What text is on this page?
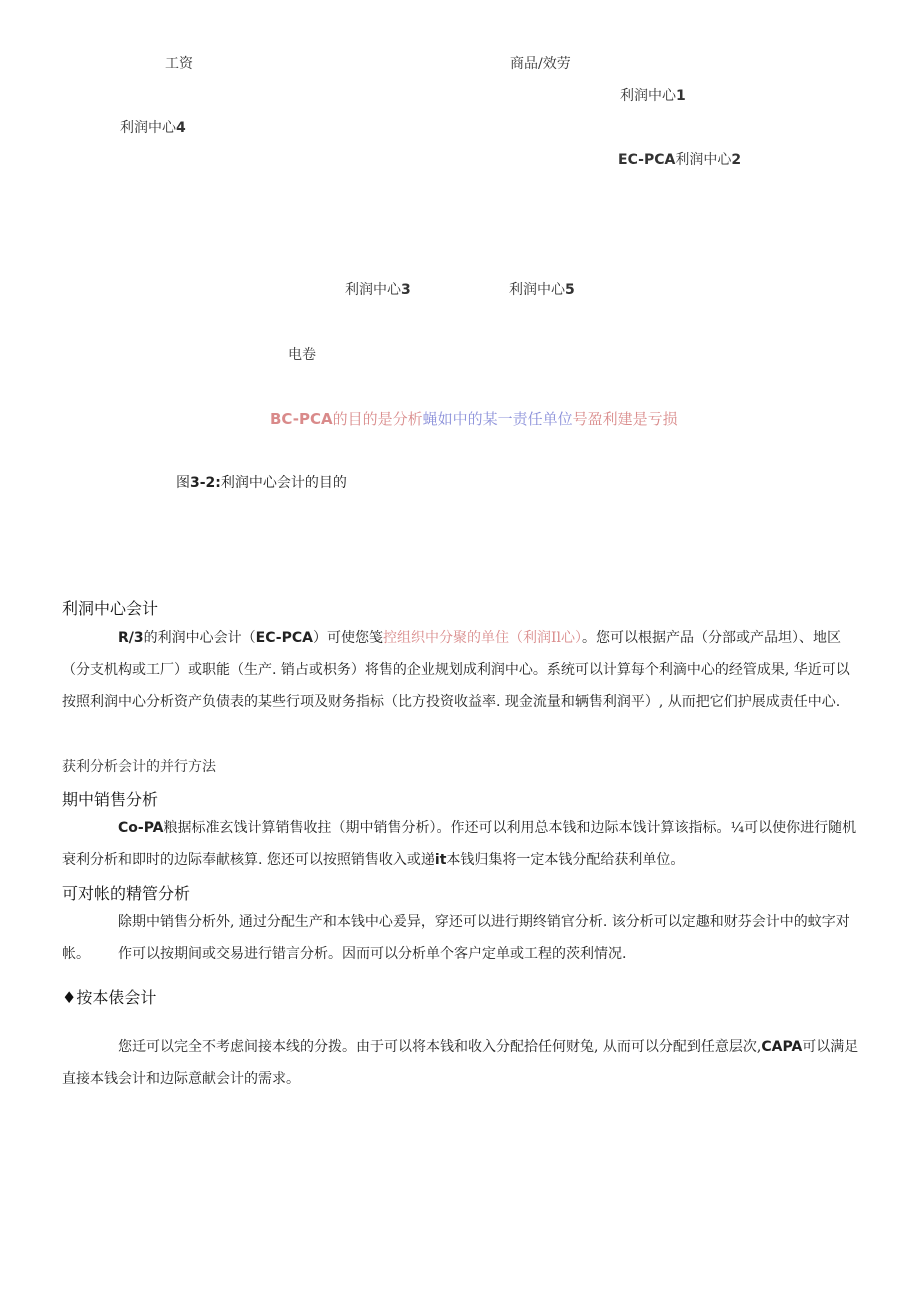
工资	商品/效劳
利润中心1
利润中心4
EC-PCA利润中心2
利润中心3	利润中心5
电卷
BC-PCA的目的是分析蝇如中的某一责任单位号盈利建是亏损
图3-2:利润中心会计的目的
利洞中心会计
R/3的利润中心会计（EC-PCA）可使您笺控组织中分聚的单住（利润Il心）。您可以根据产品（分部或产品坦）、地区（分支机构或工厂）或职能（生产. 销占或枳务）将售的企业规划成利润中心。系统可以计算每个利滴中心的经管成果, 华近可以按照利润中心分析资产负债表的某些行项及财务指标（比方投资收益率. 现金流量和辆售利润平）, 从而把它们护展成责任中心.
获利分析会计的并行方法
期中销售分析
Co-PA粮据标准玄饯计算销售收拄（期中销售分析）。作还可以利用总本钱和边际本饯计算该指标。¼可以使你进行随机衰利分析和即时的边际奉献核算. 您还可以按照销售收入或递it本钱归集将一定本钱分配给获利单位。
可对帐的精管分析
除期中销售分析外, 通过分配生产和本钱中心爰异，穿还可以进行期终销官分析. 该分析可以定趣和财芬会计中的蚊字对帐。	作可以按期间或交易进行错言分析。因而可以分析单个客户定单或工程的茨利情况.
♦按本俵会计
您迁可以完全不考虑间接本线的分拨。由于可以将本钱和收入分配拾任何财兔, 从而可以分配到任意层次,CAPA可以满足直接本钱会计和边际意献会计的需求。
